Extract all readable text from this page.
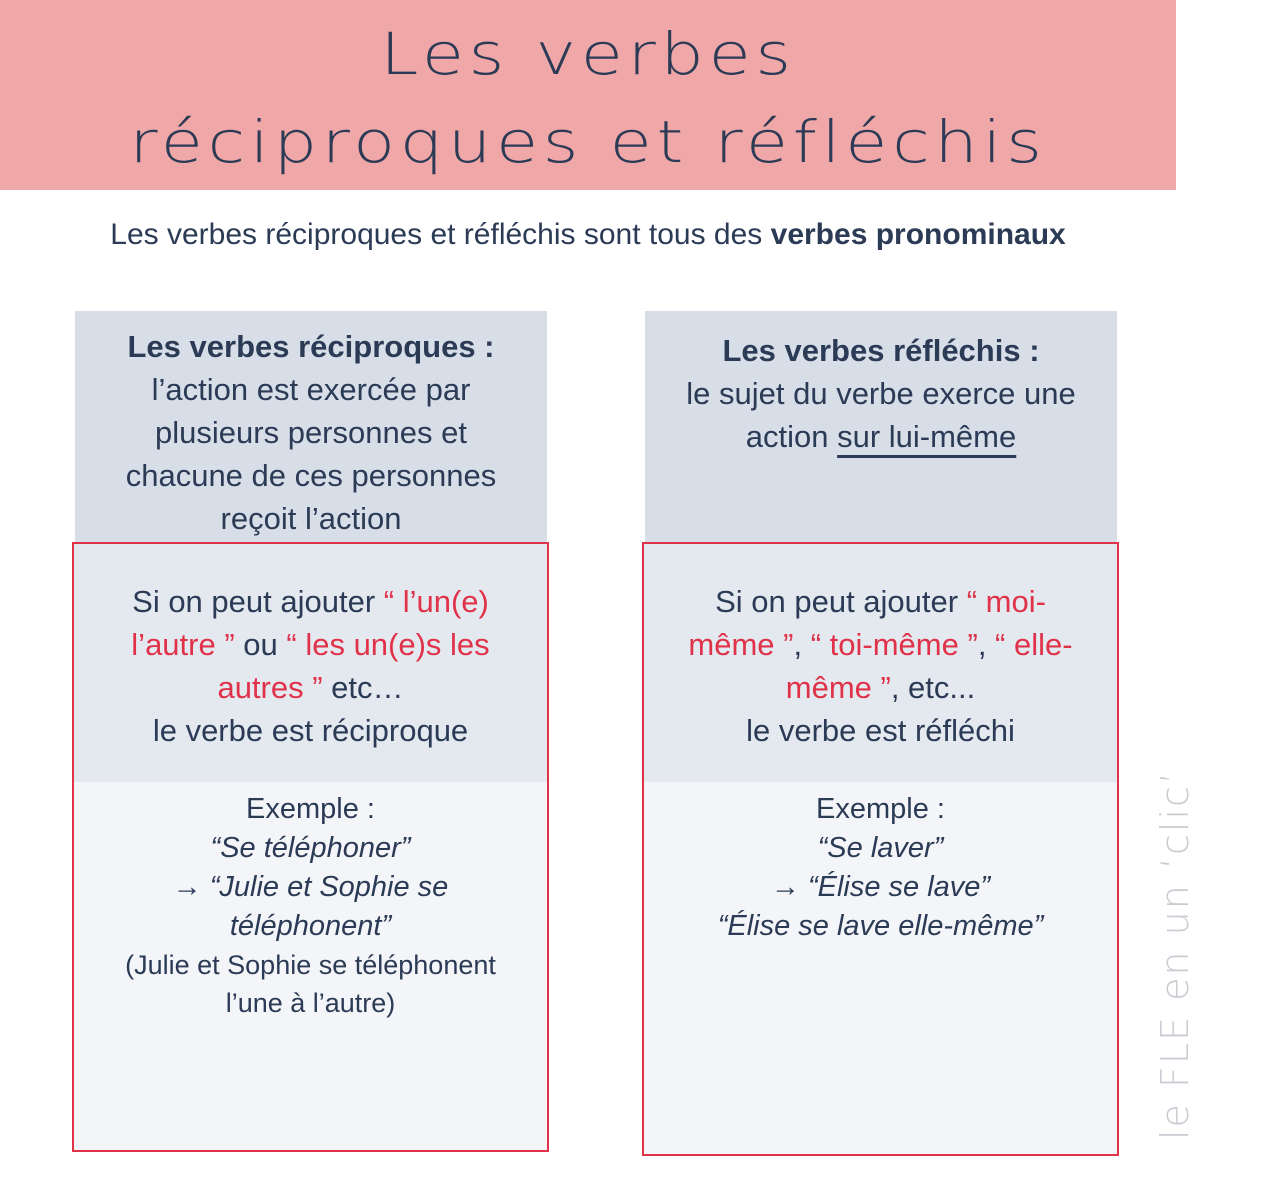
Les verbes
réciproques et réfléchis
Les verbes réciproques et réfléchis sont tous des verbes pronominaux
Les verbes réciproques :
l’action est exercée par
plusieurs personnes et
chacune de ces personnes
reçoit l’action
Si on peut ajouter “ l’un(e)
l’autre ” ou “ les un(e)s les
autres ” etc…
le verbe est réciproque
Exemple :
“Se téléphoner”
→ “Julie et Sophie se
téléphonent”
(Julie et Sophie se téléphonent
l’une à l’autre)
Les verbes réfléchis :
le sujet du verbe exerce une
action sur lui-même
Si on peut ajouter “ moi-
même ”, “ toi-même ”, “ elle-
même ”, etc...
le verbe est réfléchi
Exemple :
“Se laver”
→ “Élise se lave”
“Élise se lave elle-même”	le FLE en un ‘clic’
